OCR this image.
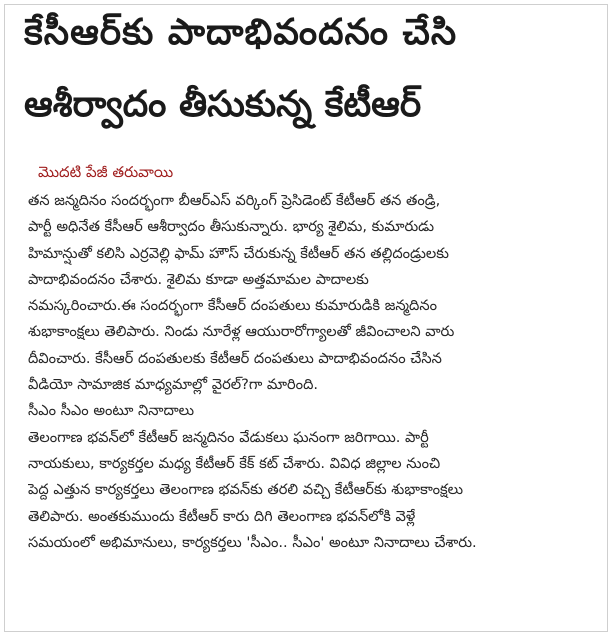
కేసీఆర్‌కు పాదాభివందనం చేసి
ఆశీర్వాదం తీసుకున్న కేటీఆర్
మొదటి పేజీ తరువాయి
తన జన్మదినం సందర్భంగా బీఆర్ఎస్ వర్కింగ్ ప్రెసిడెంట్ కేటీఆర్ తన తండ్రి,
పార్టీ అధినేత కేసీఆర్ ఆశీర్వాదం తీసుకున్నారు. భార్య శైలిమ, కుమారుడు
హిమాన్షుతో కలిసి ఎర్రవెల్లి ఫామ్ హౌస్ చేరుకున్న కేటీఆర్ తన తల్లిదండ్రులకు
పాదాభివందనం చేశారు. శైలిమ కూడా అత్తమామల పాదాలకు
నమస్కరించారు.ఈ సందర్భంగా కేసీఆర్ దంపతులు కుమారుడికి జన్మదినం
శుభాకాంక్షలు తెలిపారు. నిండు నూరేళ్ల ఆయురారోగ్యాలతో జీవించాలని వారు
దీవించారు. కేసీఆర్ దంపతులకు కేటీఆర్ దంపతులు పాదాభివందనం చేసిన
వీడియో సామాజిక మాధ్యమాల్లో వైరల్?గా మారింది.
సీఎం సీఎం అంటూ నినాదాలు
తెలంగాణ భవన్‌లో కేటీఆర్ జన్మదినం వేడుకలు ఘనంగా జరిగాయి. పార్టీ
నాయకులు, కార్యకర్తల మధ్య కేటీఆర్ కేక్ కట్ చేశారు. వివిధ జిల్లాల నుంచి
పెద్ద ఎత్తున కార్యకర్తలు తెలంగాణ భవన్‌కు తరలి వచ్చి కేటీఆర్‌కు శుభాకాంక్షలు
తెలిపారు. అంతకుముందు కేటీఆర్ కారు దిగి తెలంగాణ భవన్‌లోకి వెళ్లే
సమయంలో అభిమానులు, కార్యకర్తలు 'సీఎం.. సీఎం' అంటూ నినాదాలు చేశారు.
